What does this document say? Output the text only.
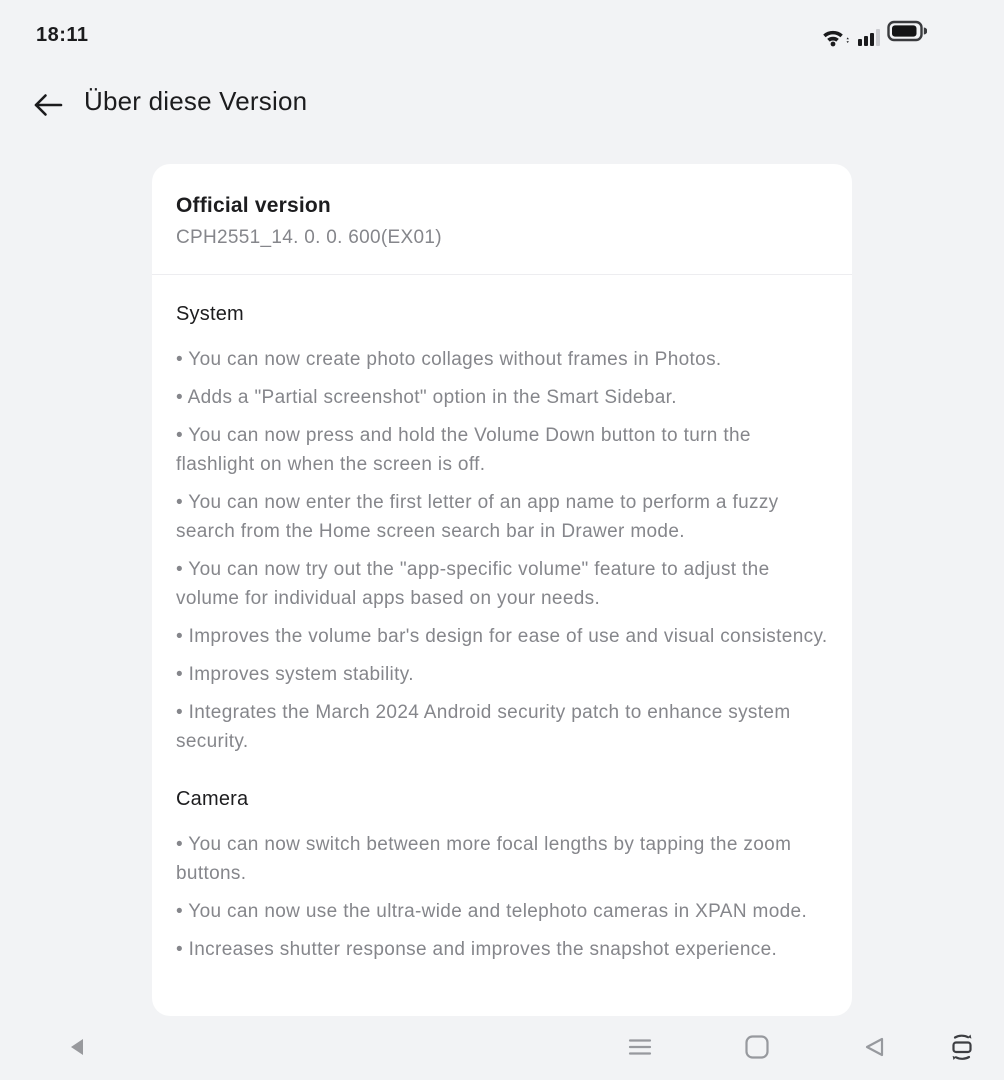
18:11
Über diese Version
Official version
CPH2551_14. 0. 0. 600(EX01)
System

• You can now create photo collages without frames in Photos.

• Adds a "Partial screenshot" option in the Smart Sidebar.

• You can now press and hold the Volume Down button to turn the flashlight on when the screen is off.

• You can now enter the first letter of an app name to perform a fuzzy search from the Home screen search bar in Drawer mode.

• You can now try out the "app-specific volume" feature to adjust the volume for individual apps based on your needs.

• Improves the volume bar's design for ease of use and visual consistency.

• Improves system stability.

• Integrates the March 2024 Android security patch to enhance system security.

Camera

• You can now switch between more focal lengths by tapping the zoom buttons.

• You can now use the ultra-wide and telephoto cameras in XPAN mode.

• Increases shutter response and improves the snapshot experience.
